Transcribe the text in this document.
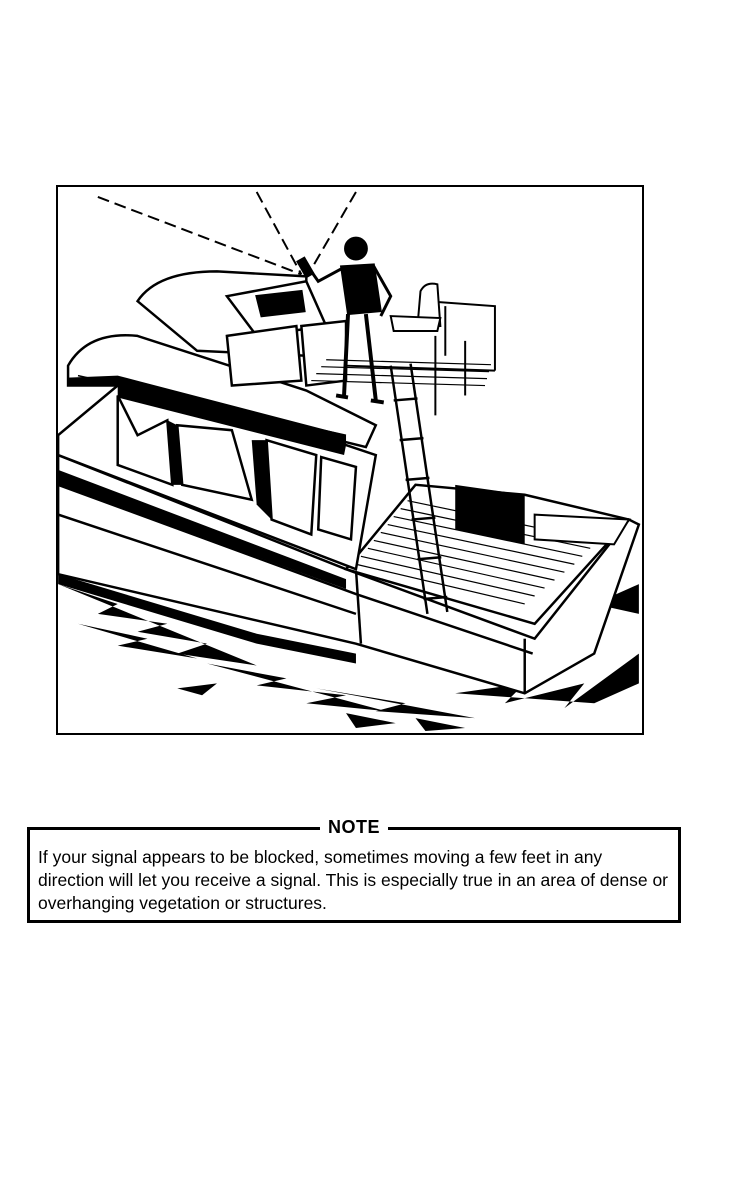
NOTE

If your signal appears to be blocked, sometimes moving a few feet in any direction will let you receive a signal. This is especially true in an area of dense or overhanging vegetation or structures.
